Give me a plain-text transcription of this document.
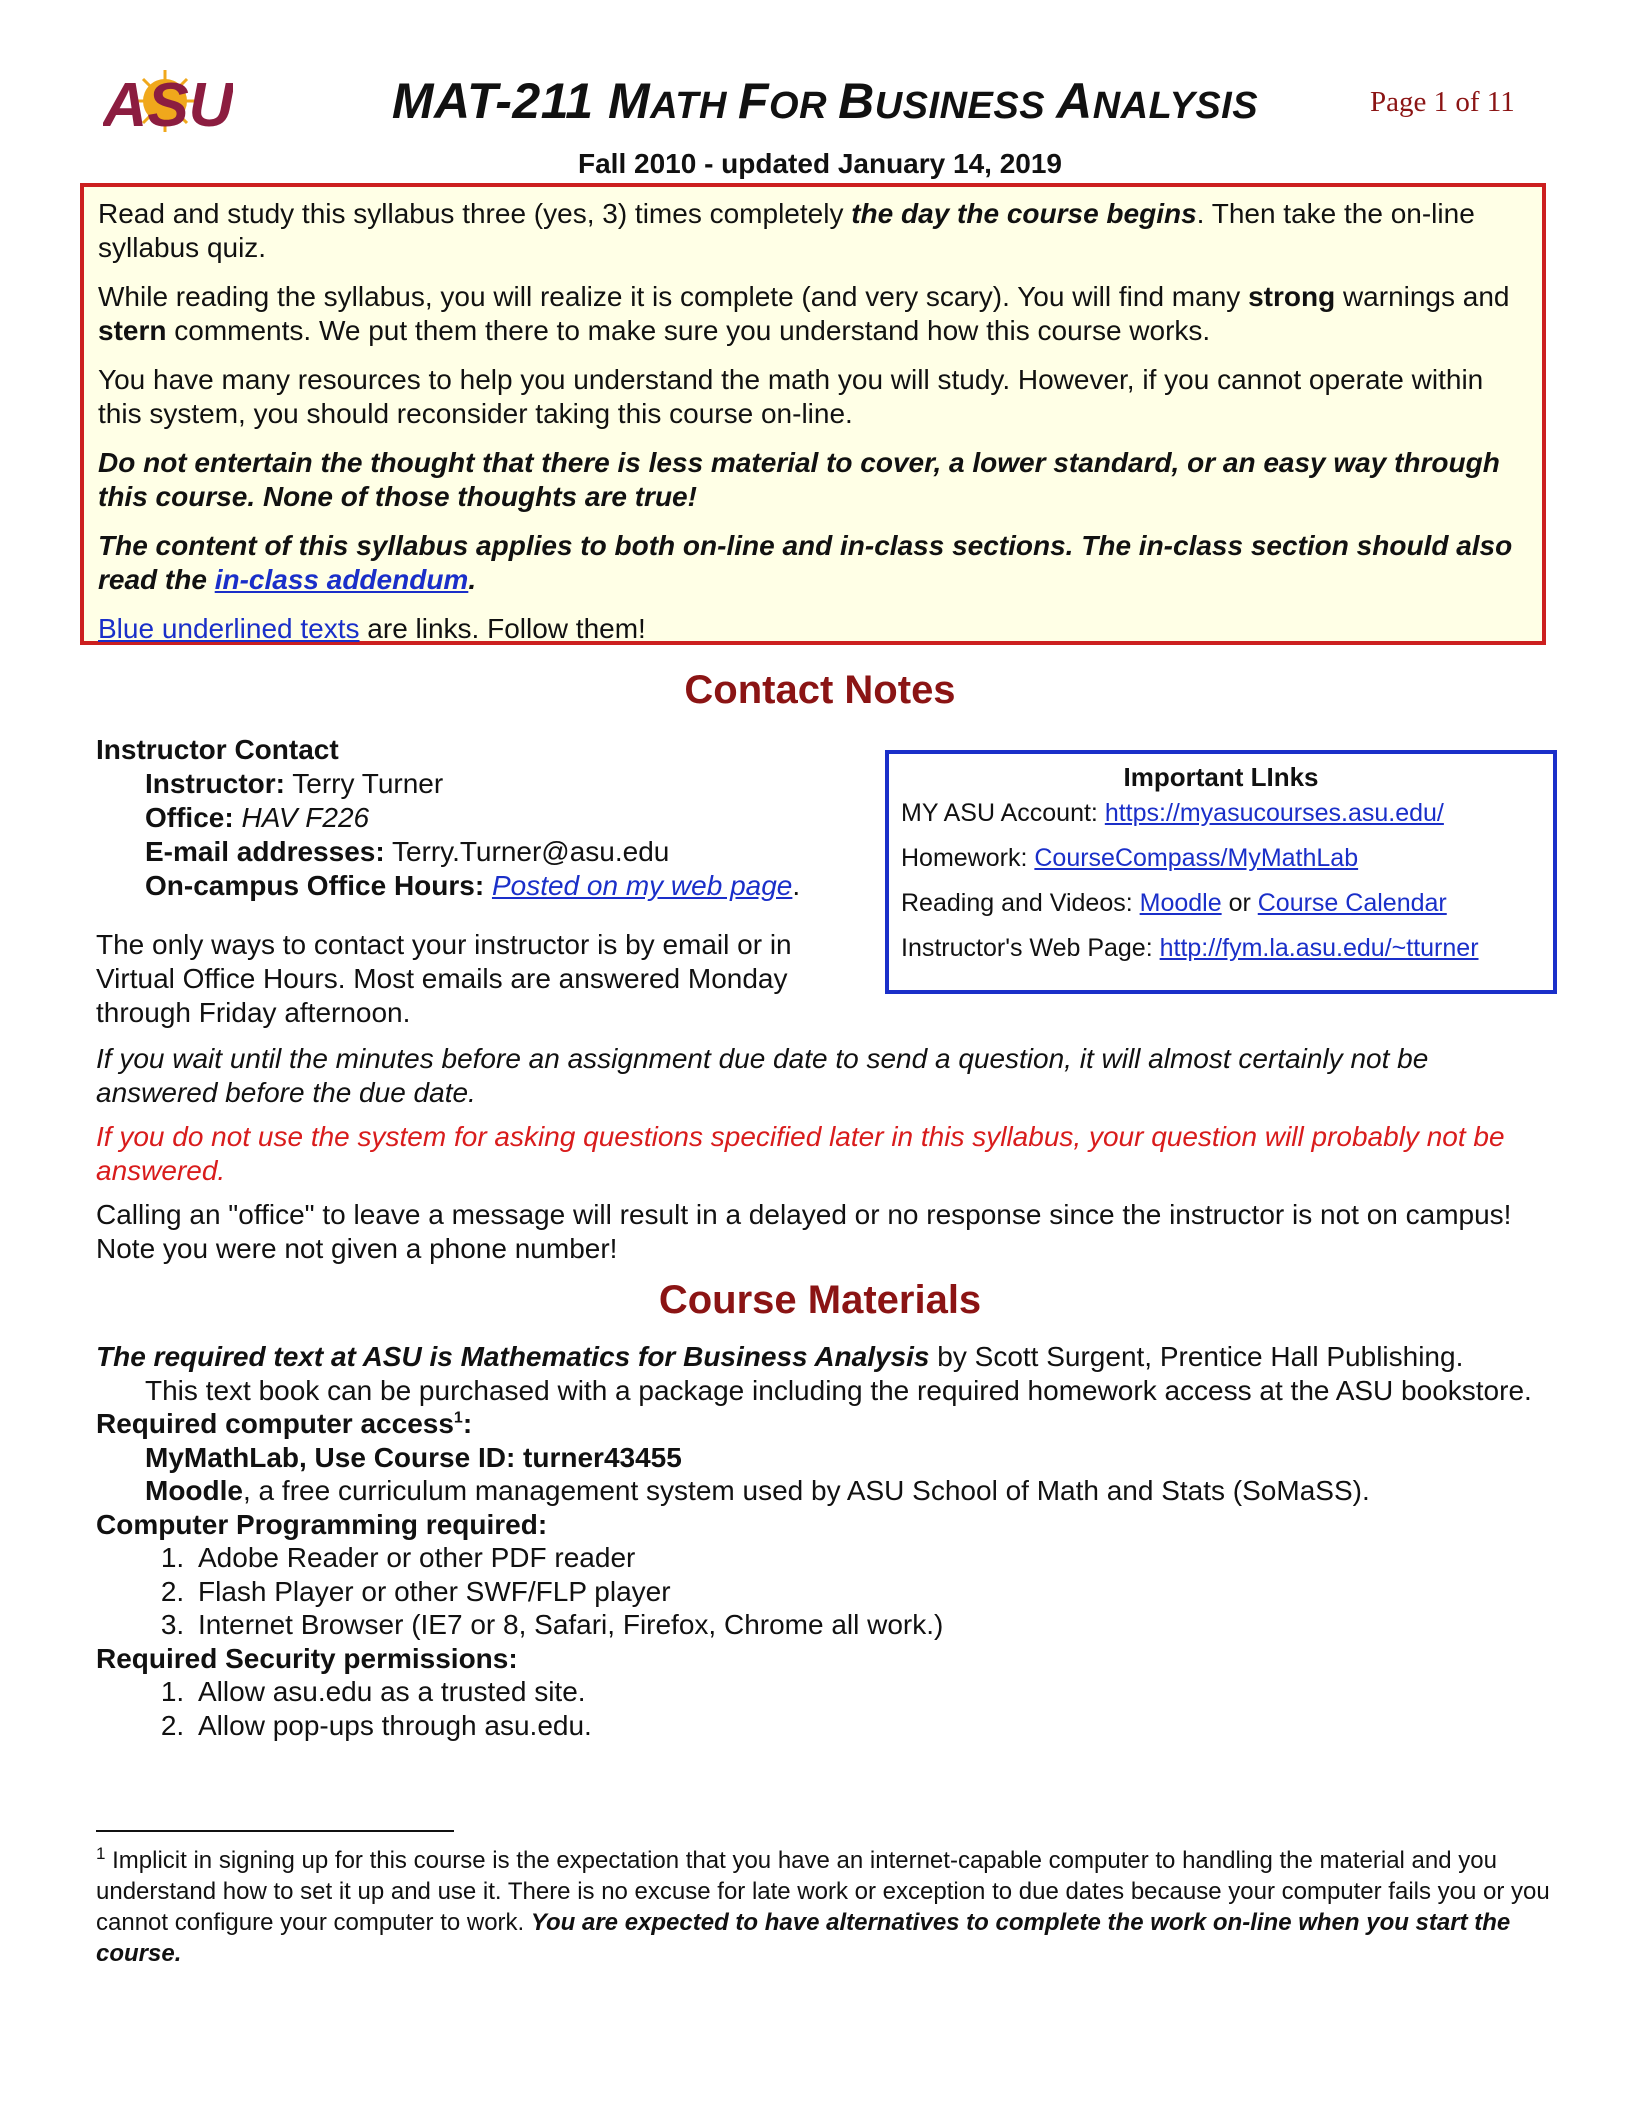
ASU	MAT-211 MATH FOR BUSINESS ANALYSIS	Page 1 of 11
Fall 2010 - updated January 14, 2019

Read and study this syllabus three (yes, 3) times completely the day the course begins. Then take the on-line syllabus quiz.

While reading the syllabus, you will realize it is complete (and very scary). You will find many strong warnings and stern comments. We put them there to make sure you understand how this course works.

You have many resources to help you understand the math you will study. However, if you cannot operate within this system, you should reconsider taking this course on-line.

Do not entertain the thought that there is less material to cover, a lower standard, or an easy way through this course. None of those thoughts are true!

The content of this syllabus applies to both on-line and in-class sections. The in-class section should also read the in-class addendum.

Blue underlined texts are links. Follow them!

Contact Notes

Instructor Contact

Instructor: Terry Turner

Office: HAV F226

E-mail addresses: Terry.Turner@asu.edu

On-campus Office Hours: Posted on my web page.

Important LInks
MY ASU Account: https://myasucourses.asu.edu/
Homework: CourseCompass/MyMathLab
Reading and Videos: Moodle or Course Calendar
Instructor's Web Page: http://fym.la.asu.edu/~tturner

The only ways to contact your instructor is by email or in Virtual Office Hours. Most emails are answered Monday through Friday afternoon.

If you wait until the minutes before an assignment due date to send a question, it will almost certainly not be answered before the due date.

If you do not use the system for asking questions specified later in this syllabus, your question will probably not be answered.

Calling an "office" to leave a message will result in a delayed or no response since the instructor is not on campus! Note you were not given a phone number!

Course Materials

The required text at ASU is Mathematics for Business Analysis by Scott Surgent, Prentice Hall Publishing.

This text book can be purchased with a package including the required homework access at the ASU bookstore.

Required computer access$^1$:

MyMathLab, Use Course ID: turner43455

Moodle, a free curriculum management system used by ASU School of Math and Stats (SoMaSS).

Computer Programming required:

1. Adobe Reader or other PDF reader
2. Flash Player or other SWF/FLP player
3. Internet Browser (IE7 or 8, Safari, Firefox, Chrome all work.)

Required Security permissions:

1. Allow asu.edu as a trusted site.
2. Allow pop-ups through asu.edu.
$^1$ Implicit in signing up for this course is the expectation that you have an internet-capable computer to handling the material and you understand how to set it up and use it. There is no excuse for late work or exception to due dates because your computer fails you or you cannot configure your computer to work. You are expected to have alternatives to complete the work on-line when you start the course.
